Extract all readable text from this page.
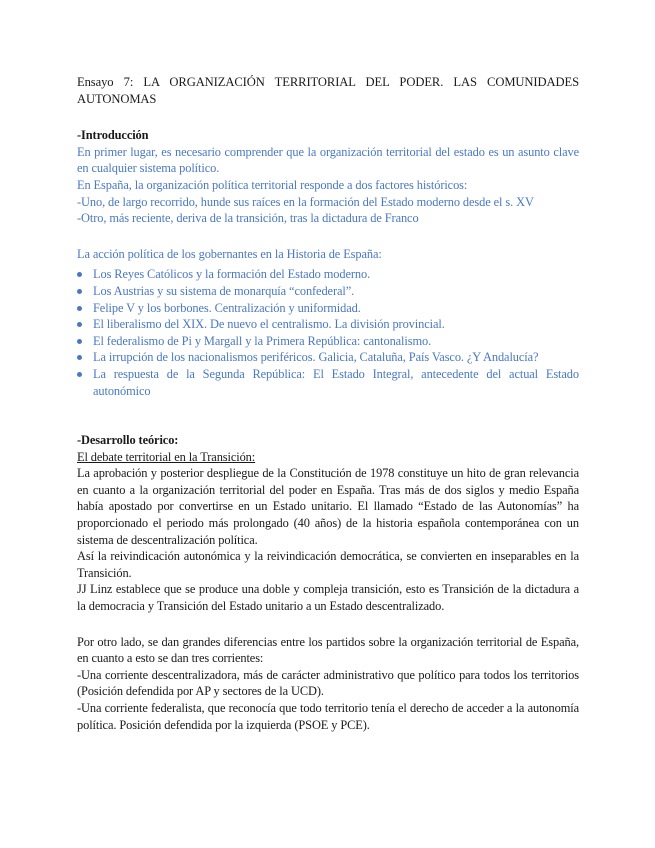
Ensayo 7: LA ORGANIZACIÓN TERRITORIAL DEL PODER. LAS COMUNIDADES AUTONOMAS

-Introducción

En primer lugar, es necesario comprender que la organización territorial del estado es un asunto clave en cualquier sistema político.

En España, la organización política territorial responde a dos factores históricos:

-Uno, de largo recorrido, hunde sus raíces en la formación del Estado moderno desde el s. XV

-Otro, más reciente, deriva de la transición, tras la dictadura de Franco

La acción política de los gobernantes en la Historia de España:

Los Reyes Católicos y la formación del Estado moderno.
Los Austrias y su sistema de monarquía “confederal”.
Felipe V y los borbones. Centralización y uniformidad.
El liberalismo del XIX. De nuevo el centralismo. La división provincial.
El federalismo de Pi y Margall y la Primera República: cantonalismo.
La irrupción de los nacionalismos periféricos. Galicia, Cataluña, País Vasco. ¿Y Andalucía?
La respuesta de la Segunda República: El Estado Integral, antecedente del actual Estado autonómico

-Desarrollo teórico:

El debate territorial en la Transición:

La aprobación y posterior despliegue de la Constitución de 1978 constituye un hito de gran relevancia en cuanto a la organización territorial del poder en España. Tras más de dos siglos y medio España había apostado por convertirse en un Estado unitario. El llamado “Estado de las Autonomías” ha proporcionado el periodo más prolongado (40 años) de la historia española contemporánea con un sistema de descentralización política.

Así la reivindicación autonómica y la reivindicación democrática, se convierten en inseparables en la Transición.

JJ Linz establece que se produce una doble y compleja transición, esto es Transición de la dictadura a la democracia y Transición del Estado unitario a un Estado descentralizado.

Por otro lado, se dan grandes diferencias entre los partidos sobre la organización territorial de España, en cuanto a esto se dan tres corrientes:

-Una corriente descentralizadora, más de carácter administrativo que político para todos los territorios (Posición defendida por AP y sectores de la UCD).

-Una corriente federalista, que reconocía que todo territorio tenía el derecho de acceder a la autonomía política. Posición defendida por la izquierda (PSOE y PCE).
